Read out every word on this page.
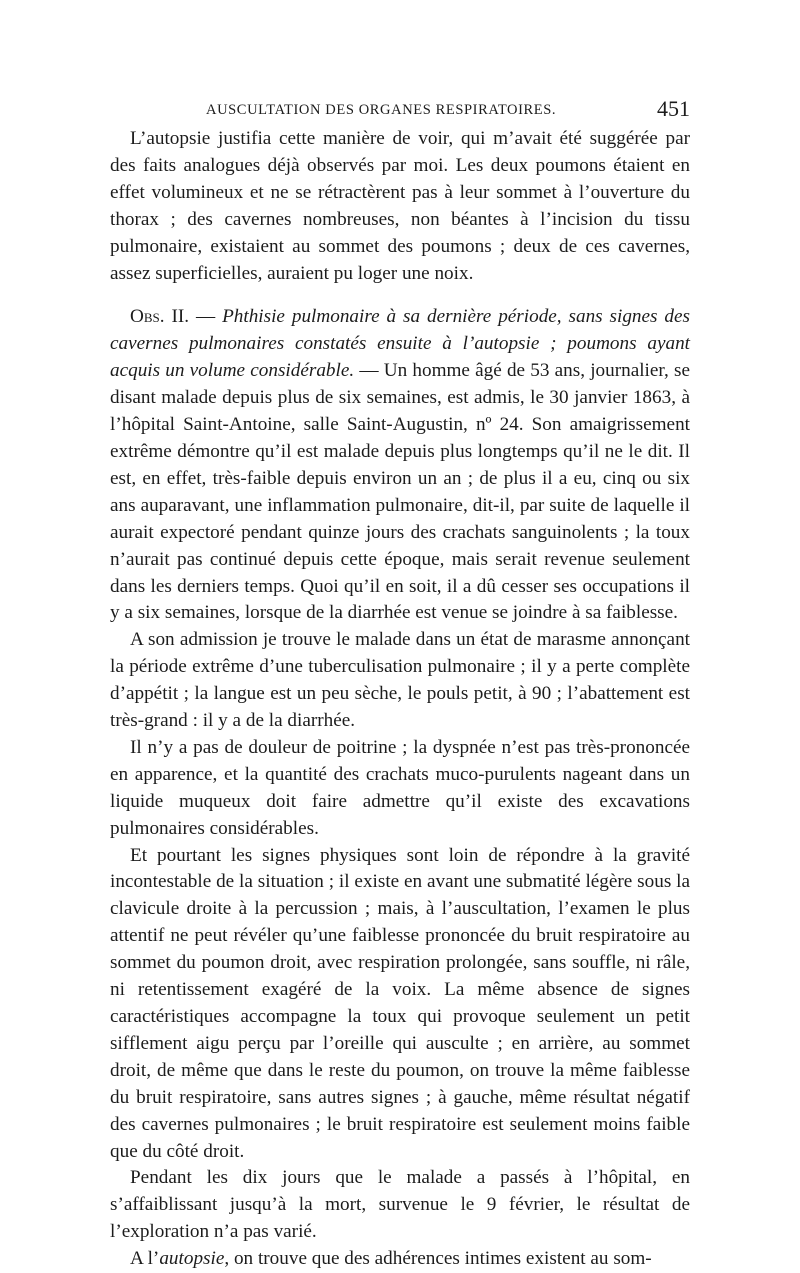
AUSCULTATION DES ORGANES RESPIRATOIRES.	451

L’autopsie justifia cette manière de voir, qui m’avait été suggérée par des faits analogues déjà observés par moi. Les deux poumons étaient en effet volumineux et ne se rétractèrent pas à leur sommet à l’ouverture du thorax ; des cavernes nombreuses, non béantes à l’incision du tissu pulmonaire, existaient au sommet des poumons ; deux de ces cavernes, assez superficielles, auraient pu loger une noix.

Obs. II. — Phthisie pulmonaire à sa dernière période, sans signes des cavernes pulmonaires constatés ensuite à l’autopsie ; poumons ayant acquis un volume considérable. — Un homme âgé de 53 ans, journalier, se disant malade depuis plus de six semaines, est admis, le 30 janvier 1863, à l’hôpital Saint-Antoine, salle Saint-Augustin, nº 24. Son amaigrissement extrême démontre qu’il est malade depuis plus longtemps qu’il ne le dit. Il est, en effet, très-faible depuis environ un an ; de plus il a eu, cinq ou six ans auparavant, une inflammation pulmonaire, dit-il, par suite de laquelle il aurait expectoré pendant quinze jours des crachats sanguinolents ; la toux n’aurait pas continué depuis cette époque, mais serait revenue seulement dans les derniers temps. Quoi qu’il en soit, il a dû cesser ses occupations il y a six semaines, lorsque de la diarrhée est venue se joindre à sa faiblesse.

A son admission je trouve le malade dans un état de marasme annonçant la période extrême d’une tuberculisation pulmonaire ; il y a perte complète d’appétit ; la langue est un peu sèche, le pouls petit, à 90 ; l’abattement est très-grand : il y a de la diarrhée.

Il n’y a pas de douleur de poitrine ; la dyspnée n’est pas très-prononcée en apparence, et la quantité des crachats muco-purulents nageant dans un liquide muqueux doit faire admettre qu’il existe des excavations pulmonaires considérables.

Et pourtant les signes physiques sont loin de répondre à la gravité incontestable de la situation ; il existe en avant une submatité légère sous la clavicule droite à la percussion ; mais, à l’auscultation, l’examen le plus attentif ne peut révéler qu’une faiblesse prononcée du bruit respiratoire au sommet du poumon droit, avec respiration prolongée, sans souffle, ni râle, ni retentissement exagéré de la voix. La même absence de signes caractéristiques accompagne la toux qui provoque seulement un petit sifflement aigu perçu par l’oreille qui ausculte ; en arrière, au sommet droit, de même que dans le reste du poumon, on trouve la même faiblesse du bruit respiratoire, sans autres signes ; à gauche, même résultat négatif des cavernes pulmonaires ; le bruit respiratoire est seulement moins faible que du côté droit.

Pendant les dix jours que le malade a passés à l’hôpital, en s’affaiblissant jusqu’à la mort, survenue le 9 février, le résultat de l’exploration n’a pas varié.

A l’autopsie, on trouve que des adhérences intimes existent au som-
